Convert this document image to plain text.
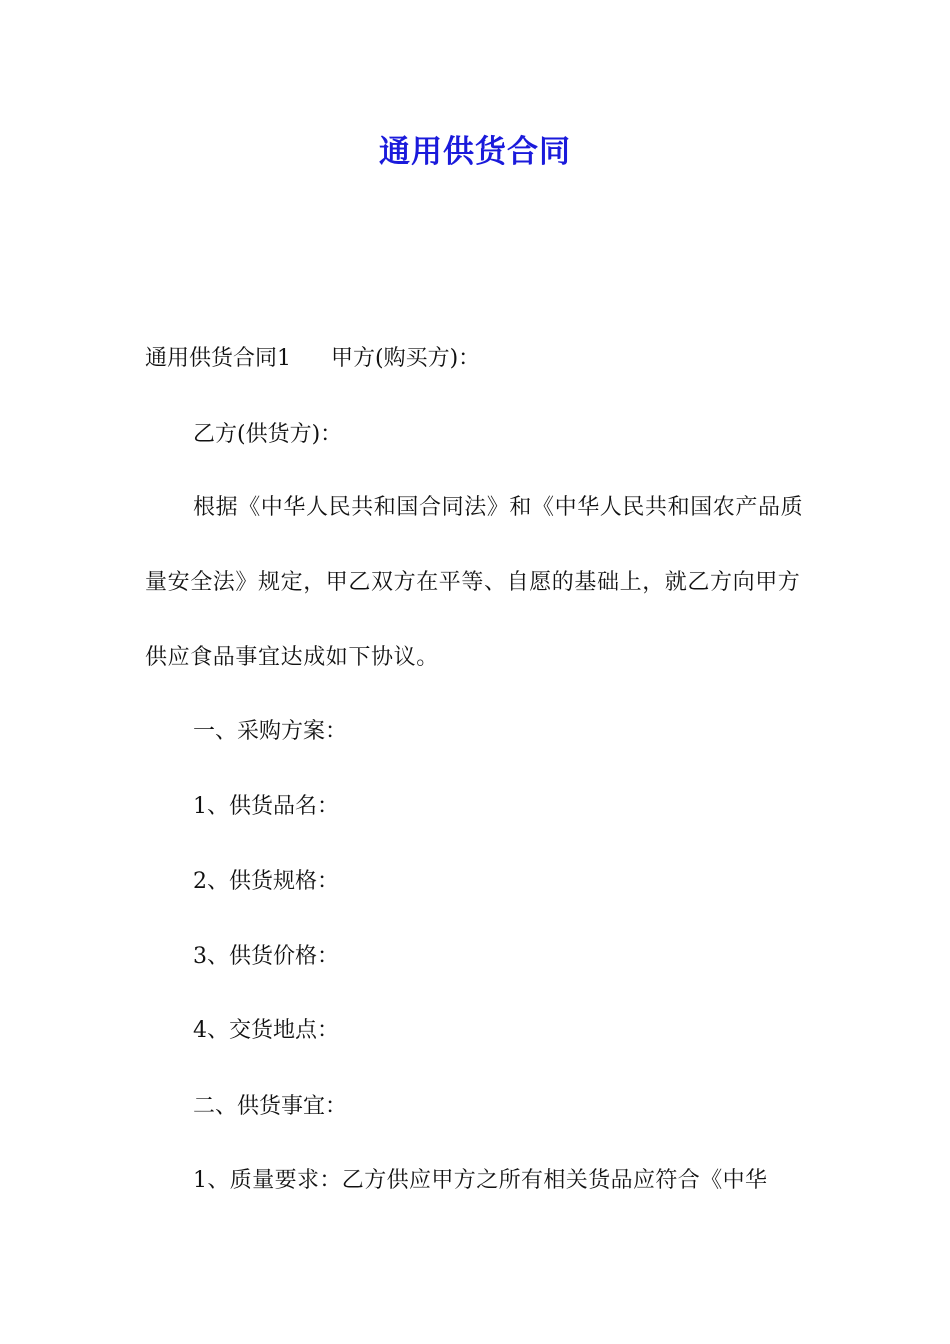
通用供货合同
通用供货合同1 甲方(购买方)：
乙方(供货方)：
根据《中华人民共和国合同法》和《中华人民共和国农产品质量安全法》规定，甲乙双方在平等、自愿的基础上，就乙方向甲方供应食品事宜达成如下协议。
一、采购方案：
1、供货品名：
2、供货规格：
3、供货价格：
4、交货地点：
二、供货事宜：
1、质量要求：乙方供应甲方之所有相关货品应符合《中华
